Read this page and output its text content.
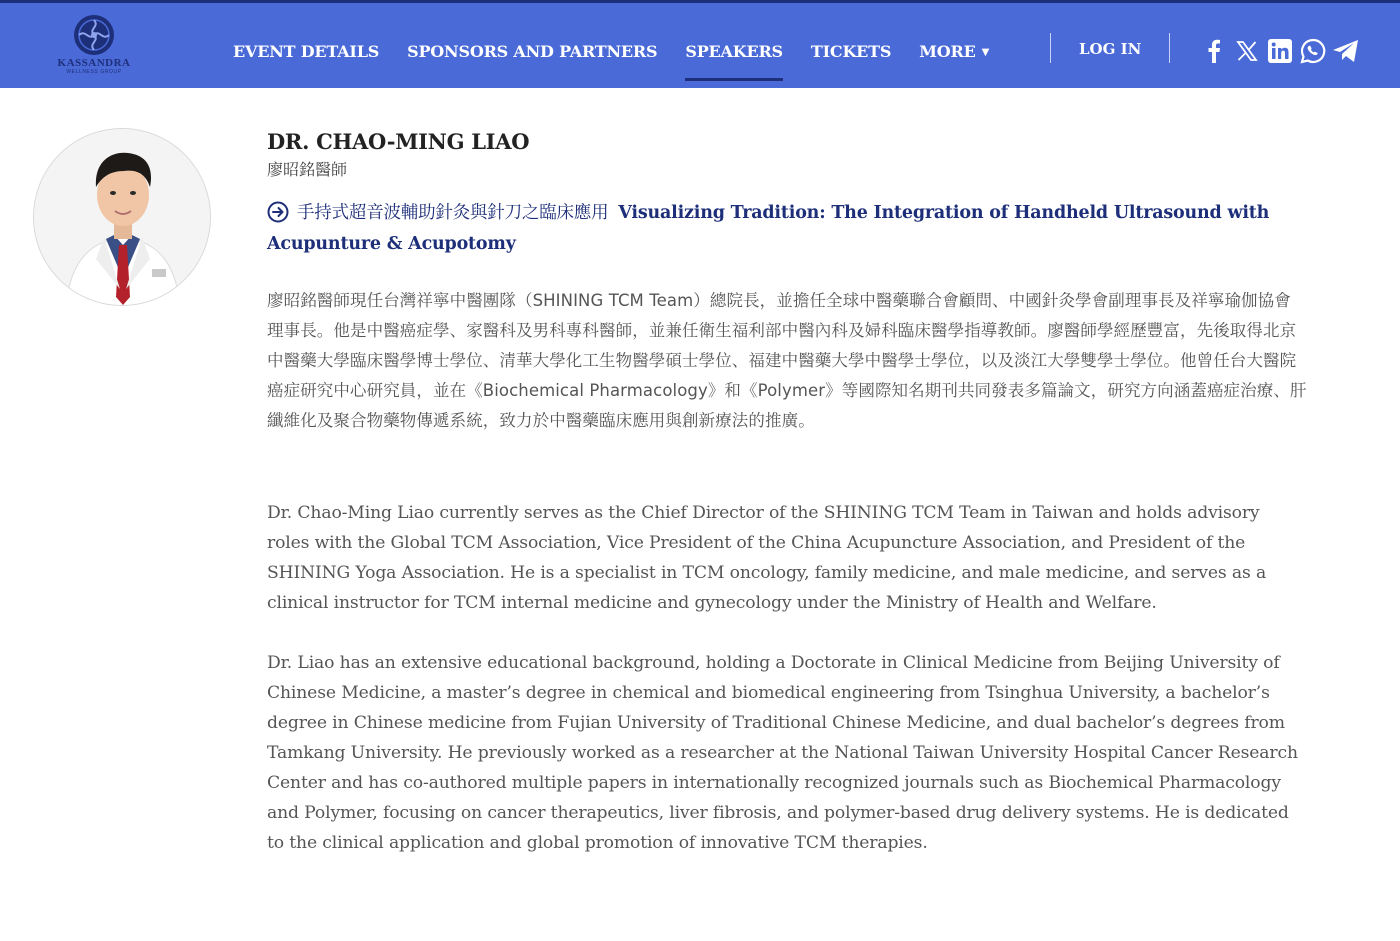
KASSANDRA
WELLNESS GROUP
EVENT DETAILS SPONSORS AND PARTNERS SPEAKERS TICKETS MORE ▼	LOG IN
DR. CHAO-MING LIAO
廖昭銘醫師
手持式超音波輔助針灸與針刀之臨床應用 Visualizing Tradition: The Integration of Handheld Ultrasound with Acupunture & Acupotomy

廖昭銘醫師現任台灣祥寧中醫團隊（SHINING TCM Team）總院長，並擔任全球中醫藥聯合會顧問、中國針灸學會副理事長及祥寧瑜伽協會理事長。他是中醫癌症學、家醫科及男科專科醫師，並兼任衛生福利部中醫內科及婦科臨床醫學指導教師。廖醫師學經歷豐富，先後取得北京中醫藥大學臨床醫學博士學位、清華大學化工生物醫學碩士學位、福建中醫藥大學中醫學士學位，以及淡江大學雙學士學位。他曾任台大醫院癌症研究中心研究員，並在《Biochemical Pharmacology》和《Polymer》等國際知名期刊共同發表多篇論文，研究方向涵蓋癌症治療、肝纖維化及聚合物藥物傳遞系統，致力於中醫藥臨床應用與創新療法的推廣。

Dr. Chao-Ming Liao currently serves as the Chief Director of the SHINING TCM Team in Taiwan and holds advisory roles with the Global TCM Association, Vice President of the China Acupuncture Association, and President of the SHINING Yoga Association. He is a specialist in TCM oncology, family medicine, and male medicine, and serves as a clinical instructor for TCM internal medicine and gynecology under the Ministry of Health and Welfare.

Dr. Liao has an extensive educational background, holding a Doctorate in Clinical Medicine from Beijing University of Chinese Medicine, a master’s degree in chemical and biomedical engineering from Tsinghua University, a bachelor’s degree in Chinese medicine from Fujian University of Traditional Chinese Medicine, and dual bachelor’s degrees from Tamkang University. He previously worked as a researcher at the National Taiwan University Hospital Cancer Research Center and has co-authored multiple papers in internationally recognized journals such as Biochemical Pharmacology and Polymer, focusing on cancer therapeutics, liver fibrosis, and polymer-based drug delivery systems. He is dedicated to the clinical application and global promotion of innovative TCM therapies.
